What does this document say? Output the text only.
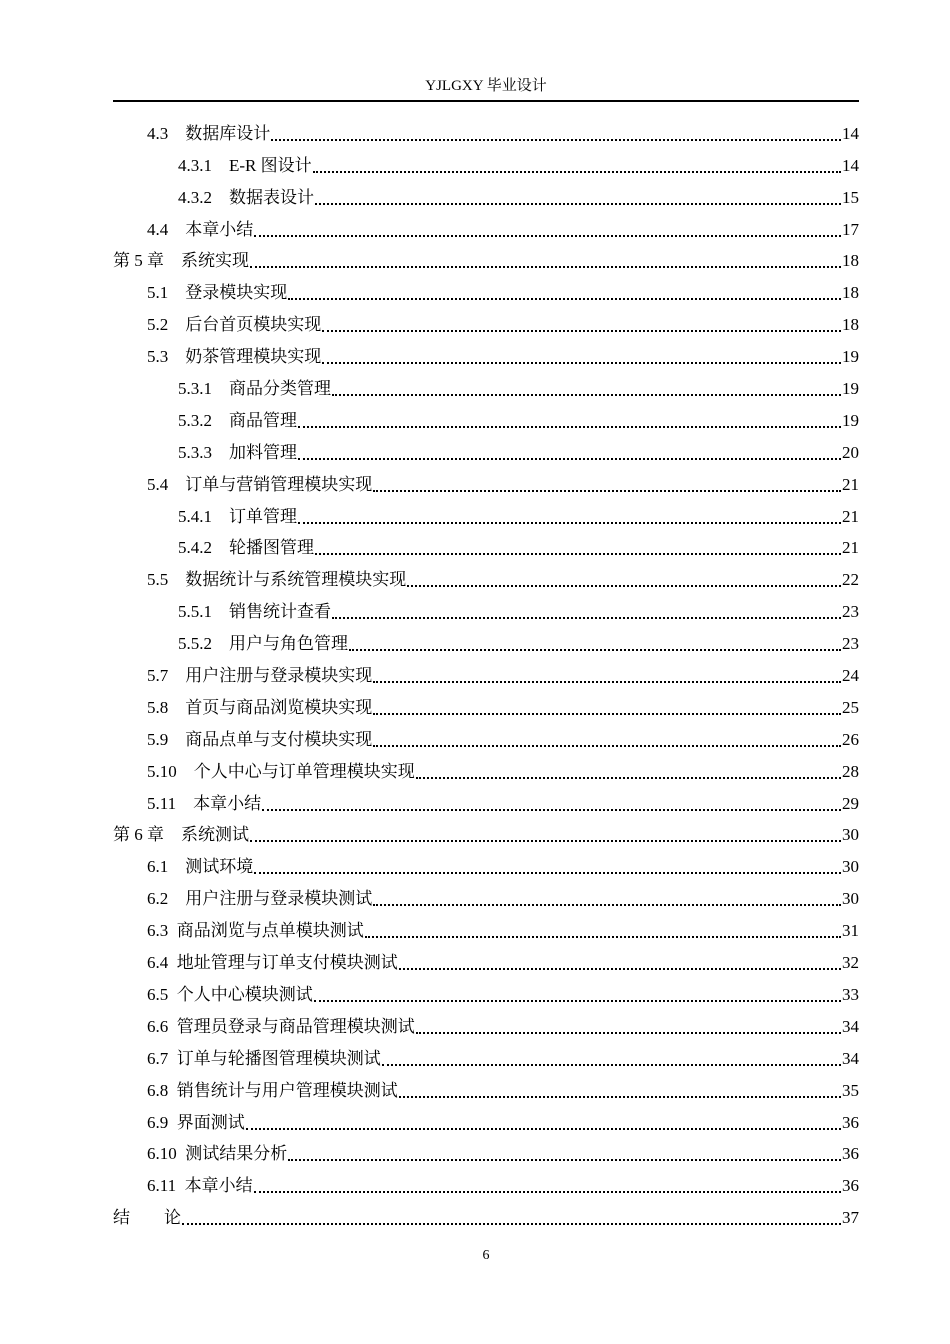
YJLGXY 毕业设计
4.3 数据库设计	14
4.3.1 E-R 图设计	14
4.3.2 数据表设计	15
4.4 本章小结	17
第 5 章 系统实现	18
5.1 登录模块实现	18
5.2 后台首页模块实现	18
5.3 奶茶管理模块实现	19
5.3.1 商品分类管理	19
5.3.2 商品管理	19
5.3.3 加料管理	20
5.4 订单与营销管理模块实现	21
5.4.1 订单管理	21
5.4.2 轮播图管理	21
5.5 数据统计与系统管理模块实现	22
5.5.1 销售统计查看	23
5.5.2 用户与角色管理	23
5.7 用户注册与登录模块实现	24
5.8 首页与商品浏览模块实现	25
5.9 商品点单与支付模块实现	26
5.10 个人中心与订单管理模块实现	28
5.11 本章小结	29
第 6 章 系统测试	30
6.1 测试环境	30
6.2 用户注册与登录模块测试	30
6.3 商品浏览与点单模块测试	31
6.4 地址管理与订单支付模块测试	32
6.5 个人中心模块测试	33
6.6 管理员登录与商品管理模块测试	34
6.7 订单与轮播图管理模块测试	34
6.8 销售统计与用户管理模块测试	35
6.9 界面测试	36
6.10 测试结果分析	36
6.11 本章小结	36
结 论	37
6
